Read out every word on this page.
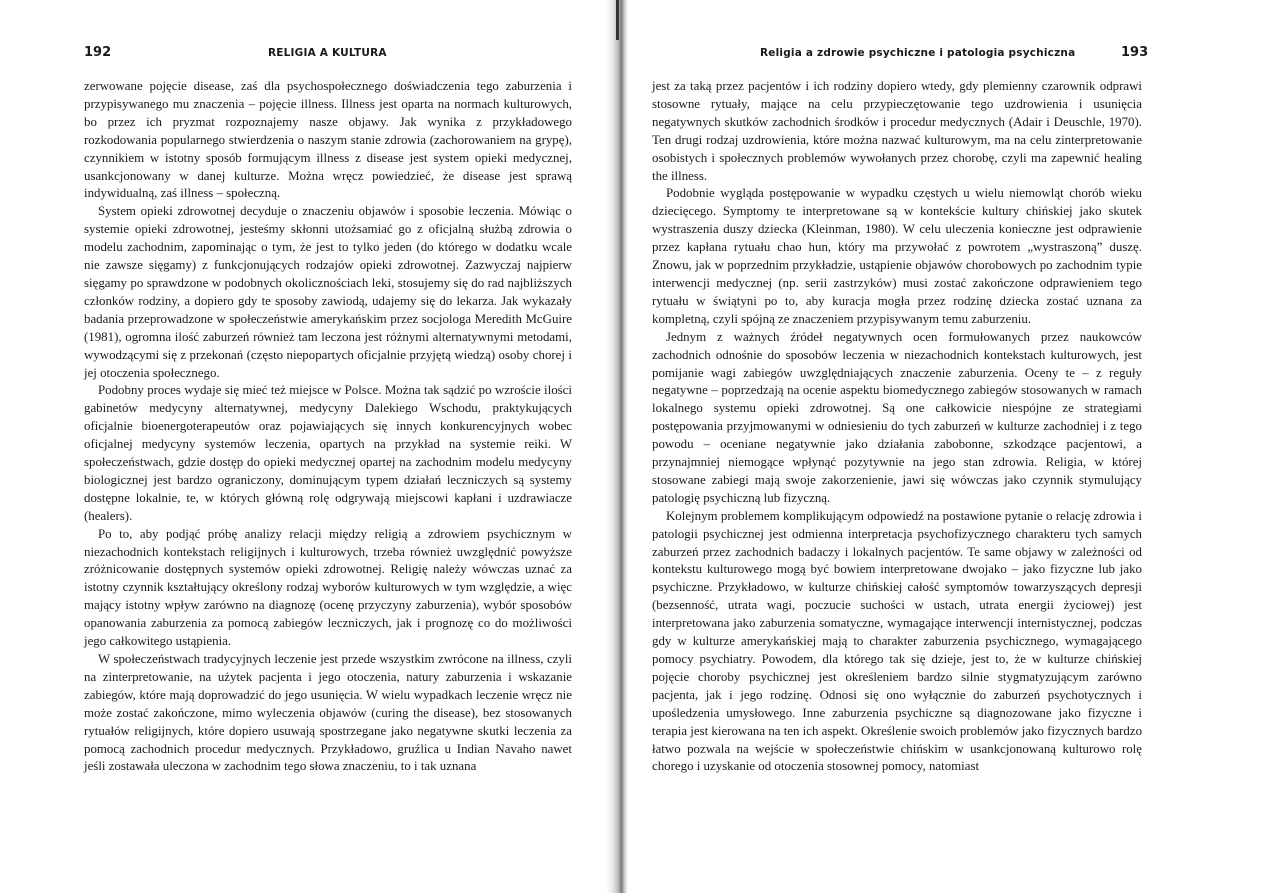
192	RELIGIA A KULTURA

zerwowane pojęcie disease, zaś dla psychospołecznego doświadczenia tego zaburzenia i przypisywanego mu znaczenia – pojęcie illness. Illness jest oparta na normach kulturowych, bo przez ich pryzmat rozpoznajemy nasze objawy. Jak wynika z przykładowego rozkodowania popularnego stwierdzenia o naszym stanie zdrowia (zachorowaniem na grypę), czynnikiem w istotny sposób formującym illness z disease jest system opieki medycznej, usankcjonowany w danej kulturze. Można wręcz powiedzieć, że disease jest sprawą indywidualną, zaś illness – społeczną.

System opieki zdrowotnej decyduje o znaczeniu objawów i sposobie leczenia. Mówiąc o systemie opieki zdrowotnej, jesteśmy skłonni utożsamiać go z oficjalną służbą zdrowia o modelu zachodnim, zapominając o tym, że jest to tylko jeden (do którego w dodatku wcale nie zawsze sięgamy) z funkcjonujących rodzajów opieki zdrowotnej. Zazwyczaj najpierw sięgamy po sprawdzone w podobnych okolicznościach leki, stosujemy się do rad najbliższych członków rodziny, a dopiero gdy te sposoby zawiodą, udajemy się do lekarza. Jak wykazały badania przeprowadzone w społeczeństwie amerykańskim przez socjologa Meredith McGuire (1981), ogromna ilość zaburzeń również tam leczona jest różnymi alternatywnymi metodami, wywodzącymi się z przekonań (często niepopartych oficjalnie przyjętą wiedzą) osoby chorej i jej otoczenia społecznego.

Podobny proces wydaje się mieć też miejsce w Polsce. Można tak sądzić po wzroście ilości gabinetów medycyny alternatywnej, medycyny Dalekiego Wschodu, praktykujących oficjalnie bioenergoterapeutów oraz pojawiających się innych konkurencyjnych wobec oficjalnej medycyny systemów leczenia, opartych na przykład na systemie reiki. W społeczeństwach, gdzie dostęp do opieki medycznej opartej na zachodnim modelu medycyny biologicznej jest bardzo ograniczony, dominującym typem działań leczniczych są systemy dostępne lokalnie, te, w których główną rolę odgrywają miejscowi kapłani i uzdrawiacze (healers).

Po to, aby podjąć próbę analizy relacji między religią a zdrowiem psychicznym w niezachodnich kontekstach religijnych i kulturowych, trzeba również uwzględnić powyższe zróżnicowanie dostępnych systemów opieki zdrowotnej. Religię należy wówczas uznać za istotny czynnik kształtujący określony rodzaj wyborów kulturowych w tym względzie, a więc mający istotny wpływ zarówno na diagnozę (ocenę przyczyny zaburzenia), wybór sposobów opanowania zaburzenia za pomocą zabiegów leczniczych, jak i prognozę co do możliwości jego całkowitego ustąpienia.

W społeczeństwach tradycyjnych leczenie jest przede wszystkim zwrócone na illness, czyli na zinterpretowanie, na użytek pacjenta i jego otoczenia, natury zaburzenia i wskazanie zabiegów, które mają doprowadzić do jego usunięcia. W wielu wypadkach leczenie wręcz nie może zostać zakończone, mimo wyleczenia objawów (curing the disease), bez stosowanych rytuałów religijnych, które dopiero usuwają spostrzegane jako negatywne skutki leczenia za pomocą zachodnich procedur medycznych. Przykładowo, gruźlica u Indian Navaho nawet jeśli zostawała uleczona w zachodnim tego słowa znaczeniu, to i tak uznana

Religia a zdrowie psychiczne i patologia psychiczna	193

jest za taką przez pacjentów i ich rodziny dopiero wtedy, gdy plemienny czarownik odprawi stosowne rytuały, mające na celu przypieczętowanie tego uzdrowienia i usunięcia negatywnych skutków zachodnich środków i procedur medycznych (Adair i Deuschle, 1970). Ten drugi rodzaj uzdrowienia, które można nazwać kulturowym, ma na celu zinterpretowanie osobistych i społecznych problemów wywołanych przez chorobę, czyli ma zapewnić healing the illness.

Podobnie wygląda postępowanie w wypadku częstych u wielu niemowląt chorób wieku dziecięcego. Symptomy te interpretowane są w kontekście kultury chińskiej jako skutek wystraszenia duszy dziecka (Kleinman, 1980). W celu uleczenia konieczne jest odprawienie przez kapłana rytuału chao hun, który ma przywołać z powrotem „wystraszoną” duszę. Znowu, jak w poprzednim przykładzie, ustąpienie objawów chorobowych po zachodnim typie interwencji medycznej (np. serii zastrzyków) musi zostać zakończone odprawieniem tego rytuału w świątyni po to, aby kuracja mogła przez rodzinę dziecka zostać uznana za kompletną, czyli spójną ze znaczeniem przypisywanym temu zaburzeniu.

Jednym z ważnych źródeł negatywnych ocen formułowanych przez naukowców zachodnich odnośnie do sposobów leczenia w niezachodnich kontekstach kulturowych, jest pomijanie wagi zabiegów uwzględniających znaczenie zaburzenia. Oceny te – z reguły negatywne – poprzedzają na ocenie aspektu biomedycznego zabiegów stosowanych w ramach lokalnego systemu opieki zdrowotnej. Są one całkowicie niespójne ze strategiami postępowania przyjmowanymi w odniesieniu do tych zaburzeń w kulturze zachodniej i z tego powodu – oceniane negatywnie jako działania zabobonne, szkodzące pacjentowi, a przynajmniej niemogące wpłynąć pozytywnie na jego stan zdrowia. Religia, w której stosowane zabiegi mają swoje zakorzenienie, jawi się wówczas jako czynnik stymulujący patologię psychiczną lub fizyczną.

Kolejnym problemem komplikującym odpowiedź na postawione pytanie o relację zdrowia i patologii psychicznej jest odmienna interpretacja psychofizycznego charakteru tych samych zaburzeń przez zachodnich badaczy i lokalnych pacjentów. Te same objawy w zależności od kontekstu kulturowego mogą być bowiem interpretowane dwojako – jako fizyczne lub jako psychiczne. Przykładowo, w kulturze chińskiej całość symptomów towarzyszących depresji (bezsenność, utrata wagi, poczucie suchości w ustach, utrata energii życiowej) jest interpretowana jako zaburzenia somatyczne, wymagające interwencji internistycznej, podczas gdy w kulturze amerykańskiej mają to charakter zaburzenia psychicznego, wymagającego pomocy psychiatry. Powodem, dla którego tak się dzieje, jest to, że w kulturze chińskiej pojęcie choroby psychicznej jest określeniem bardzo silnie stygmatyzującym zarówno pacjenta, jak i jego rodzinę. Odnosi się ono wyłącznie do zaburzeń psychotycznych i upośledzenia umysłowego. Inne zaburzenia psychiczne są diagnozowane jako fizyczne i terapia jest kierowana na ten ich aspekt. Określenie swoich problemów jako fizycznych bardzo łatwo pozwala na wejście w społeczeństwie chińskim w usankcjonowaną kulturowo rolę chorego i uzyskanie od otoczenia stosownej pomocy, natomiast
